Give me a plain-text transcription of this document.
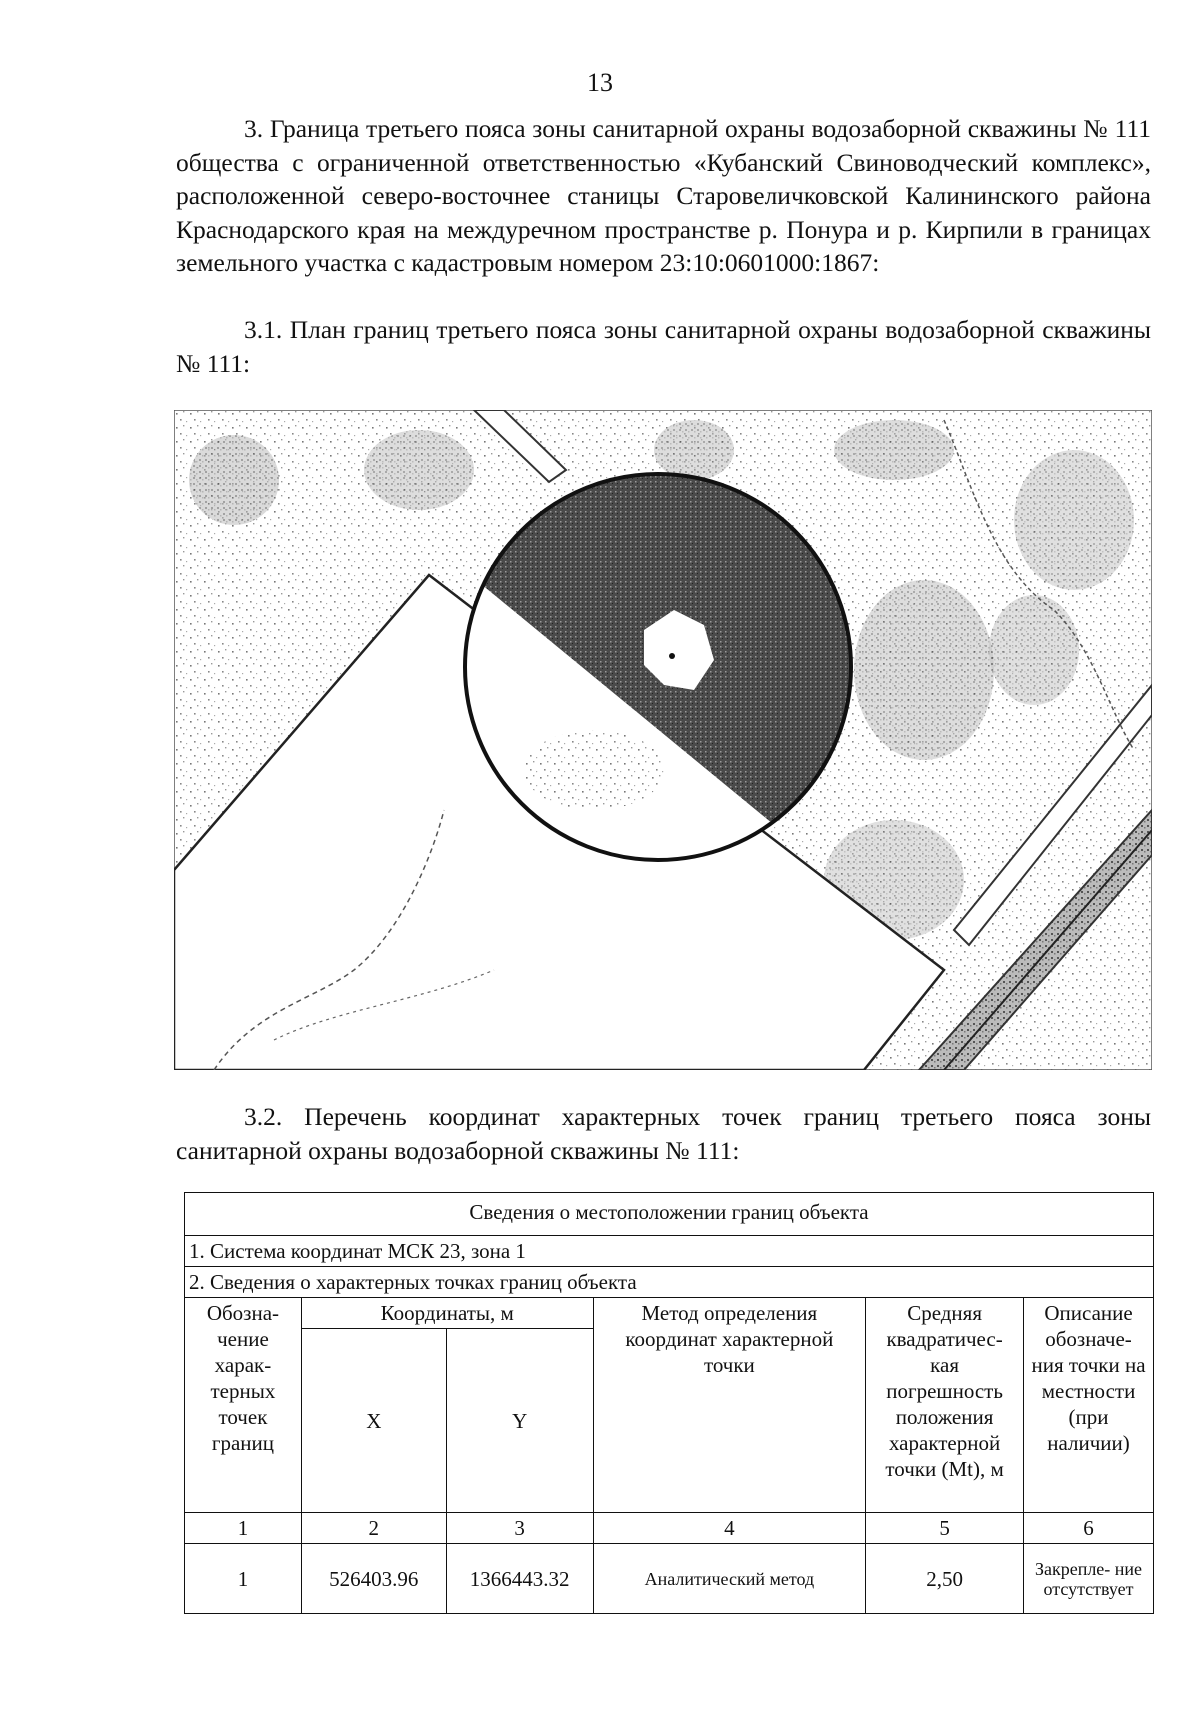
13
3. Граница третьего пояса зоны санитарной охраны водозаборной скважины № 111 общества с ограниченной ответственностью «Кубанский Свиноводческий комплекс», расположенной северо-восточнее станицы Старовеличковской Калининского района Краснодарского края на междуречном пространстве р. Понура и р. Кирпили в границах земельного участка с кадастровым номером 23:10:0601000:1867:
3.1. План границ третьего пояса зоны санитарной охраны водозаборной скважины № 111:
3.2. Перечень координат характерных точек границ третьего пояса зоны санитарной охраны водозаборной скважины № 111:
Сведения о местоположении границ объекта					
1. Система координат МСК 23, зона 1					
2. Сведения о характерных точках границ объекта					
Обозна- чение харак- терных точек границ	Координаты, м		Метод определения координат характерной точки	Средняя квадратичес- кая погрешность положения характерной точки (Mt), м	Описание обозначе- ния точки на местности (при наличии)
	X	Y			
1	2	3	4	5	6
1	526403.96	1366443.32	Аналитический метод	2,50	Закрепле- ние отсутствует
